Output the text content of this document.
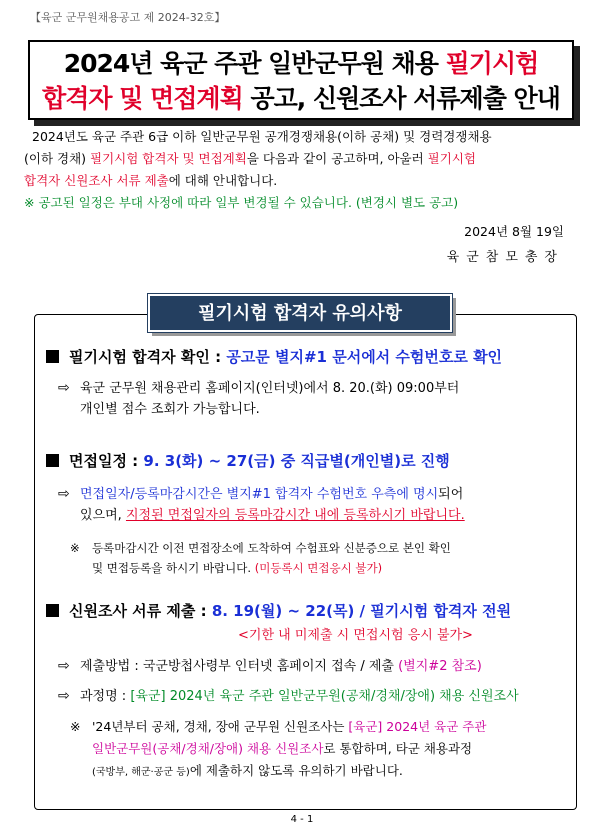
【육군 군무원채용공고 제 2024-32호】
2024년 육군 주관 일반군무원 채용 필기시험
합격자 및 면접계획 공고, 신원조사 서류제출 안내

2024년도 육군 주관 6급 이하 일반군무원 공개경쟁채용(이하 공채) 및 경력경쟁채용

(이하 경채) 필기시험 합격자 및 면접계획을 다음과 같이 공고하며, 아울러 필기시험

합격자 신원조사 서류 제출에 대해 안내합니다.

※ 공고된 일정은 부대 사정에 따라 일부 변경될 수 있습니다. (변경시 별도 공고)

2024년 8월 19일
육군참모총장
필기시험 합격자 유의사항
필기시험 합격자 확인 : 공고문 별지#1 문서에서 수험번호로 확인
⇨ 육군 군무원 채용관리 홈페이지(인터넷)에서 8. 20.(화) 09:00부터
개인별 점수 조회가 가능합니다.
면접일정 : 9. 3(화) ~ 27(금) 중 직급별(개인별)로 진행
⇨ 면접일자/등록마감시간은 별지#1 합격자 수험번호 우측에 명시되어
있으며, 지정된 면접일자의 등록마감시간 내에 등록하시기 바랍니다.
※ 등록마감시간 이전 면접장소에 도착하여 수험표와 신분증으로 본인 확인
및 면접등록을 하시기 바랍니다. (미등록시 면접응시 불가)
신원조사 서류 제출 : 8. 19(월) ~ 22(목) / 필기시험 합격자 전원
<기한 내 미제출 시 면접시험 응시 불가>
⇨ 제출방법 : 국군방첩사령부 인터넷 홈페이지 접속 / 제출 (별지#2 참조)
⇨ 과정명 : [육군] 2024년 육군 주관 일반군무원(공채/경채/장애) 채용 신원조사
※ '24년부터 공채, 경채, 장애 군무원 신원조사는 [육군] 2024년 육군 주관
일반군무원(공채/경채/장애) 채용 신원조사로 통합하며, 타군 채용과정
(국방부, 해군·공군 등)에 제출하지 않도록 유의하기 바랍니다.
4 - 1
